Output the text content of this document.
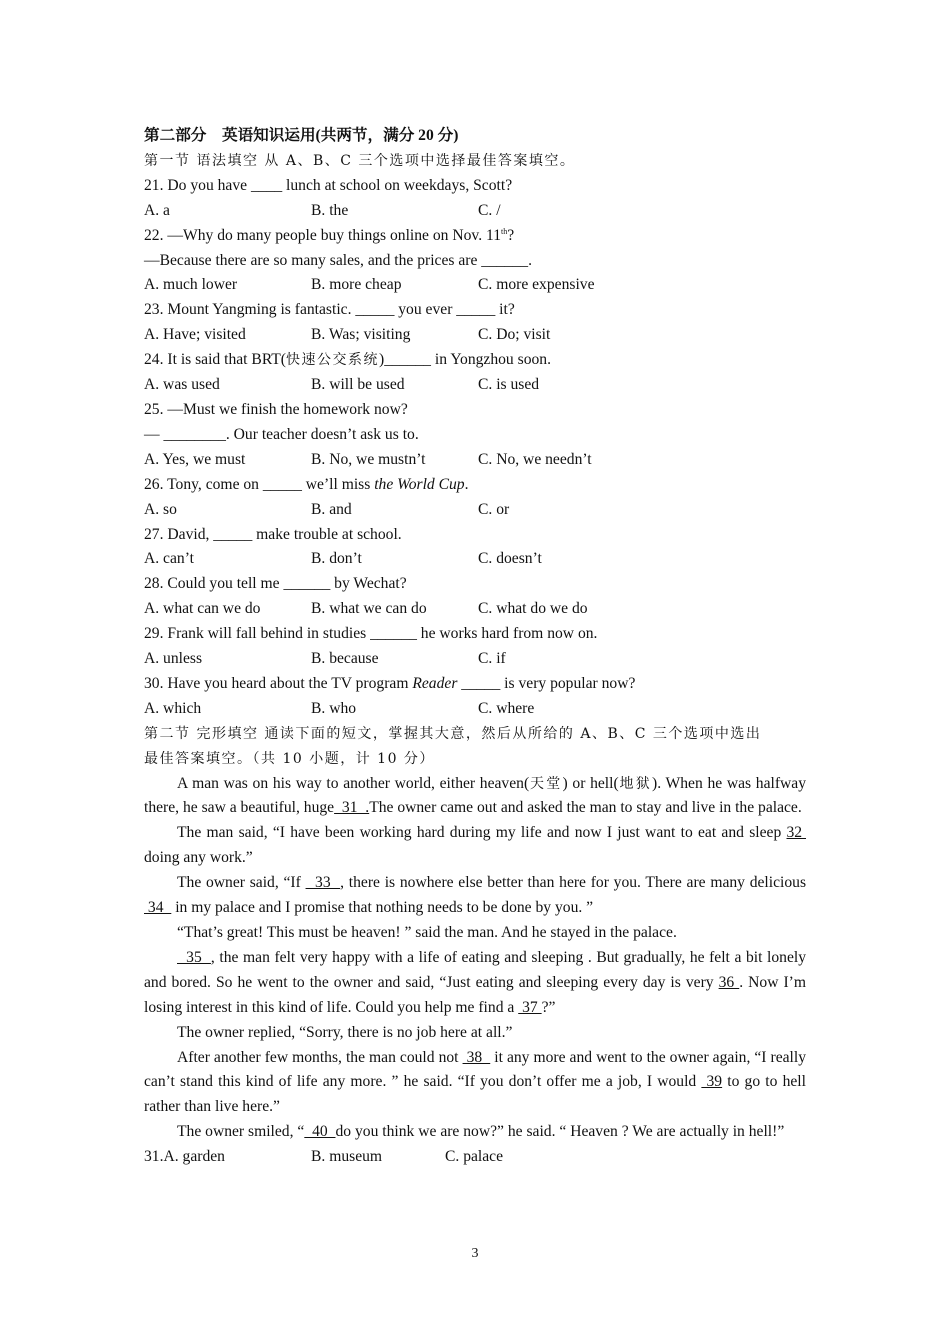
第二部分　英语知识运用(共两节，满分 20 分)
第一节 语法填空 从 A、B、C 三个选项中选择最佳答案填空。
21. Do you have ____ lunch at school on weekdays, Scott?
A. a	B. the	C. /
22. —Why do many people buy things online on Nov. 11th?
—Because there are so many sales, and the prices are ______.
A. much lower	B. more cheap	C. more expensive
23. Mount Yangming is fantastic. _____ you ever _____ it?
A. Have; visited	B. Was; visiting	C. Do; visit
24. It is said that BRT(快速公交系统)______ in Yongzhou soon.
A. was used	B. will be used	C. is used
25. —Must we finish the homework now?
— ________. Our teacher doesn’t ask us to.
A. Yes, we must	B. No, we mustn’t	C. No, we needn’t
26. Tony, come on _____ we’ll miss the World Cup.
A. so	B. and	C. or
27. David, _____ make trouble at school.
A. can’t	B. don’t	C. doesn’t
28. Could you tell me ______ by Wechat?
A. what can we do	B. what we can do	C. what do we do
29. Frank will fall behind in studies ______ he works hard from now on.
A. unless	B. because	C. if
30. Have you heard about the TV program Reader _____ is very popular now?
A. which	B. who	C. where
第二节 完形填空 通读下面的短文，掌握其大意，然后从所给的 A、B、C 三个选项中选出
最佳答案填空。（共 10 小题，计 10 分）
A man was on his way to another world, either heaven(天堂) or hell(地狱). When he was halfway there, he saw a beautiful, huge  31  .The owner came out and asked the man to stay and live in the palace.
The man said, “I have been working hard during my life and now I just want to eat and sleep 32  doing any work.”
The owner said, “If   33  , there is nowhere else better than here for you. There are many delicious  34   in my palace and I promise that nothing needs to be done by you. ”
“That’s great! This must be heaven! ” said the man. And he stayed in the palace.
35  , the man felt very happy with a life of eating and sleeping . But gradually, he felt a bit lonely and bored. So he went to the owner and said, “Just eating and sleeping every day is very 36 . Now I’m losing interest in this kind of life. Could you help me find a  37 ?”
The owner replied, “Sorry, there is no job here at all.”
After another few months, the man could not  38   it any more and went to the owner again, “I really can’t stand this kind of life any more. ” he said. “If you don’t offer me a job, I would  39 to go to hell rather than live here.”
The owner smiled, “  40  do you think we are now?” he said. “ Heaven ? We are actually in hell!”
31.A. garden	B. museum	C. palace
3
